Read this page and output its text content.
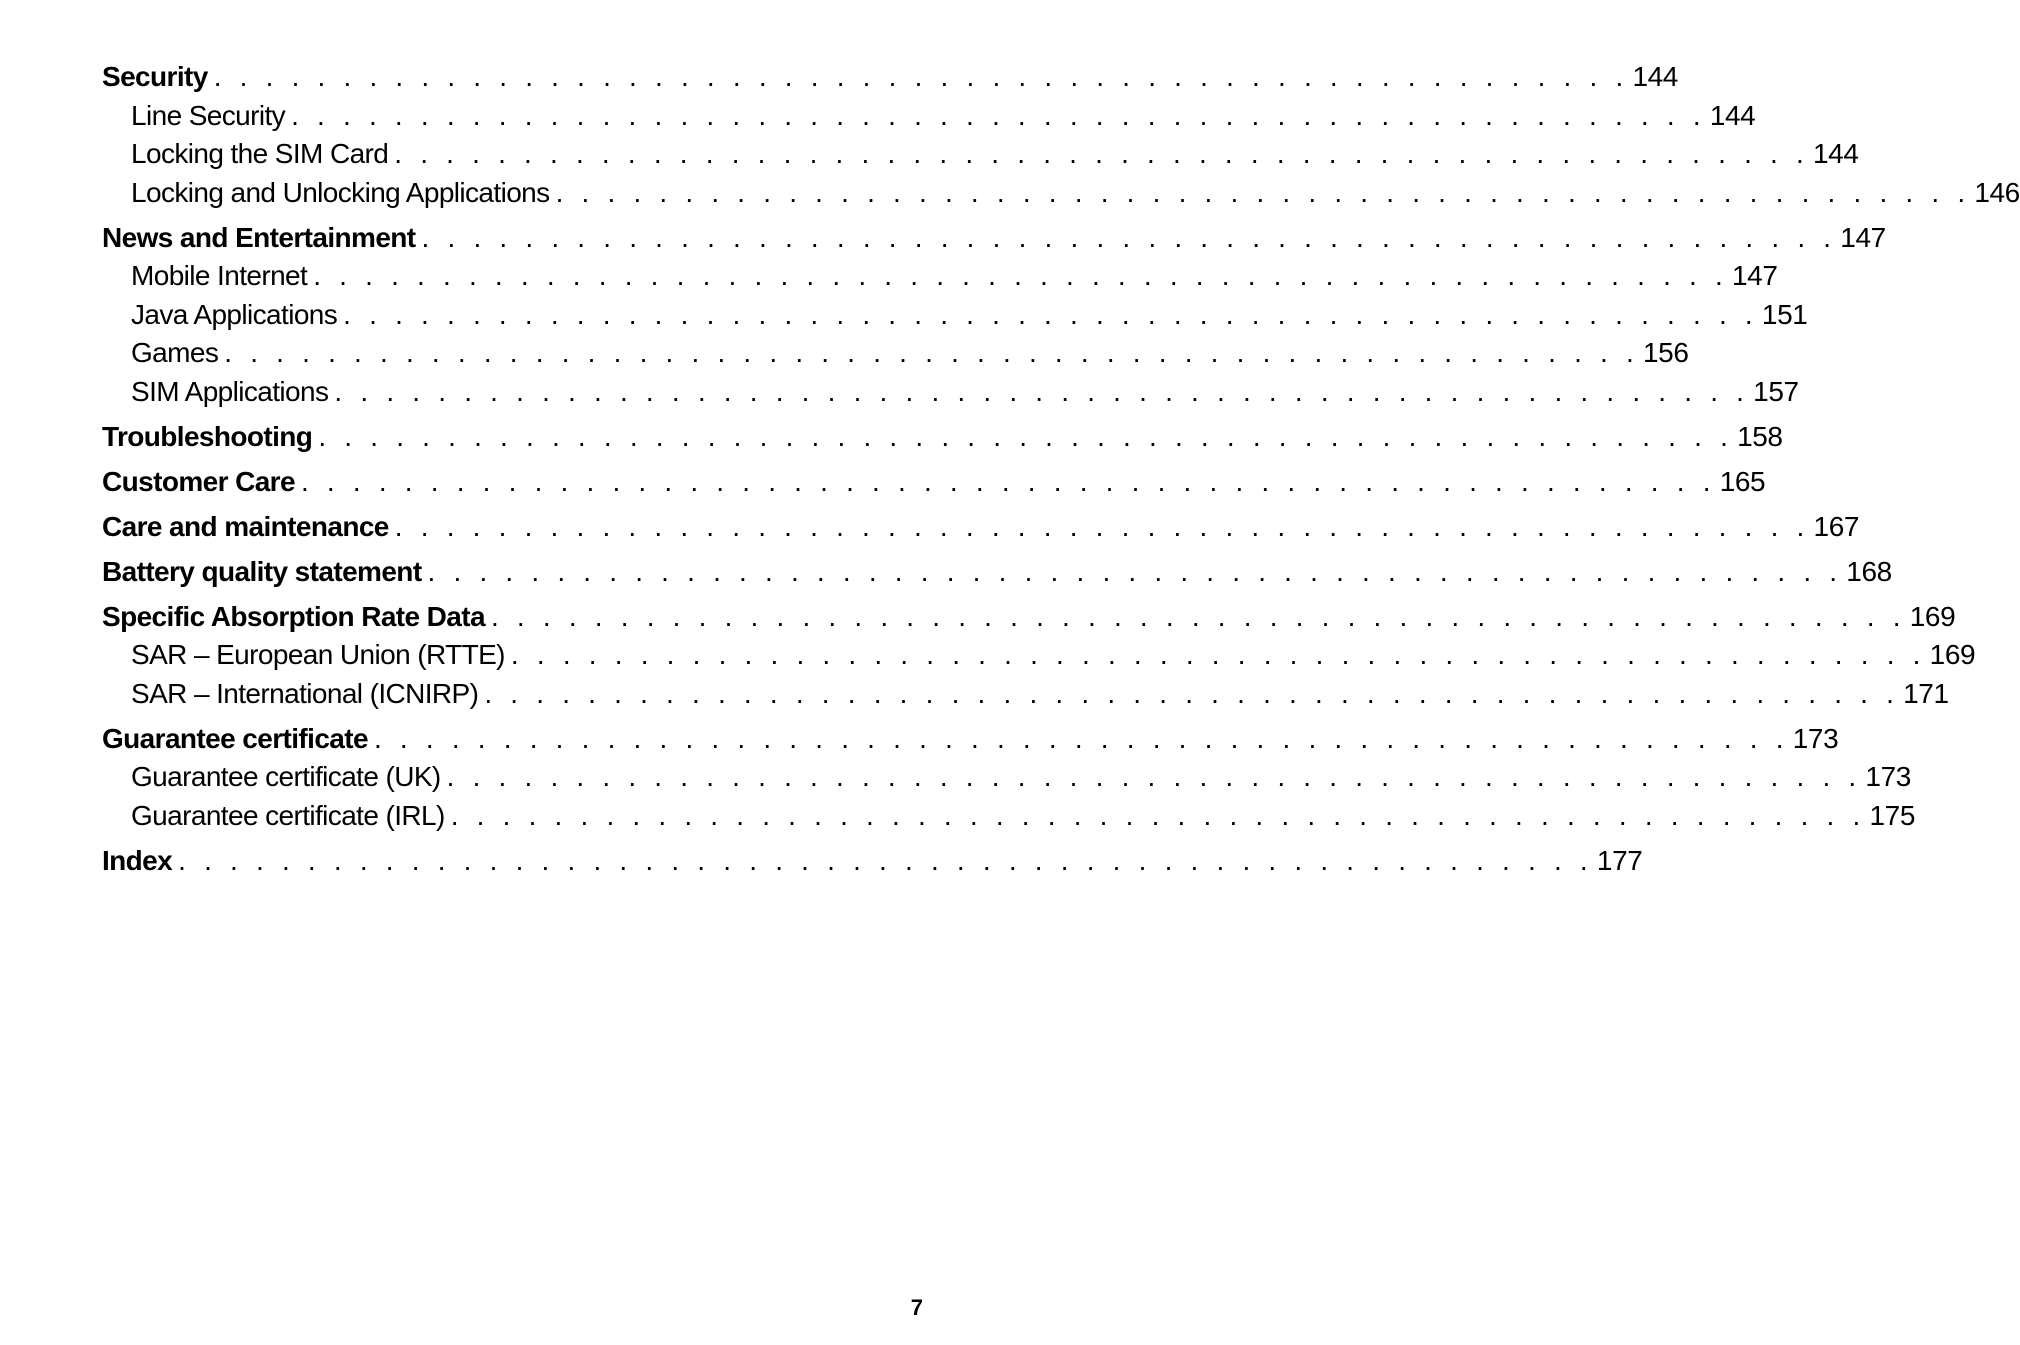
Security . . . . . . . . . . . . . . . . . . . . . . . . . . . . . . . . . . . . . . . . . . . . . . . . . . . . . . . 144
Line Security . . . . . . . . . . . . . . . . . . . . . . . . . . . . . . . . . . . . . . . . . . . . . . . . . . . . . . . 144
Locking the SIM Card . . . . . . . . . . . . . . . . . . . . . . . . . . . . . . . . . . . . . . . . . . . . . . . . . . . . . . . 144
Locking and Unlocking Applications . . . . . . . . . . . . . . . . . . . . . . . . . . . . . . . . . . . . . . . . . . . . . . . . . . . . . . . 146
News and Entertainment . . . . . . . . . . . . . . . . . . . . . . . . . . . . . . . . . . . . . . . . . . . . . . . . . . . . . . . 147
Mobile Internet . . . . . . . . . . . . . . . . . . . . . . . . . . . . . . . . . . . . . . . . . . . . . . . . . . . . . . . 147
Java Applications . . . . . . . . . . . . . . . . . . . . . . . . . . . . . . . . . . . . . . . . . . . . . . . . . . . . . . . 151
Games . . . . . . . . . . . . . . . . . . . . . . . . . . . . . . . . . . . . . . . . . . . . . . . . . . . . . . . 156
SIM Applications . . . . . . . . . . . . . . . . . . . . . . . . . . . . . . . . . . . . . . . . . . . . . . . . . . . . . . . 157
Troubleshooting . . . . . . . . . . . . . . . . . . . . . . . . . . . . . . . . . . . . . . . . . . . . . . . . . . . . . . . 158
Customer Care . . . . . . . . . . . . . . . . . . . . . . . . . . . . . . . . . . . . . . . . . . . . . . . . . . . . . . . 165
Care and maintenance . . . . . . . . . . . . . . . . . . . . . . . . . . . . . . . . . . . . . . . . . . . . . . . . . . . . . . . 167
Battery quality statement . . . . . . . . . . . . . . . . . . . . . . . . . . . . . . . . . . . . . . . . . . . . . . . . . . . . . . . 168
Specific Absorption Rate Data . . . . . . . . . . . . . . . . . . . . . . . . . . . . . . . . . . . . . . . . . . . . . . . . . . . . . . . 169
SAR – European Union (RTTE) . . . . . . . . . . . . . . . . . . . . . . . . . . . . . . . . . . . . . . . . . . . . . . . . . . . . . . . 169
SAR – International (ICNIRP) . . . . . . . . . . . . . . . . . . . . . . . . . . . . . . . . . . . . . . . . . . . . . . . . . . . . . . . 171
Guarantee certificate . . . . . . . . . . . . . . . . . . . . . . . . . . . . . . . . . . . . . . . . . . . . . . . . . . . . . . . 173
Guarantee certificate (UK) . . . . . . . . . . . . . . . . . . . . . . . . . . . . . . . . . . . . . . . . . . . . . . . . . . . . . . . 173
Guarantee certificate (IRL) . . . . . . . . . . . . . . . . . . . . . . . . . . . . . . . . . . . . . . . . . . . . . . . . . . . . . . . 175
Index . . . . . . . . . . . . . . . . . . . . . . . . . . . . . . . . . . . . . . . . . . . . . . . . . . . . . . . 177
7
